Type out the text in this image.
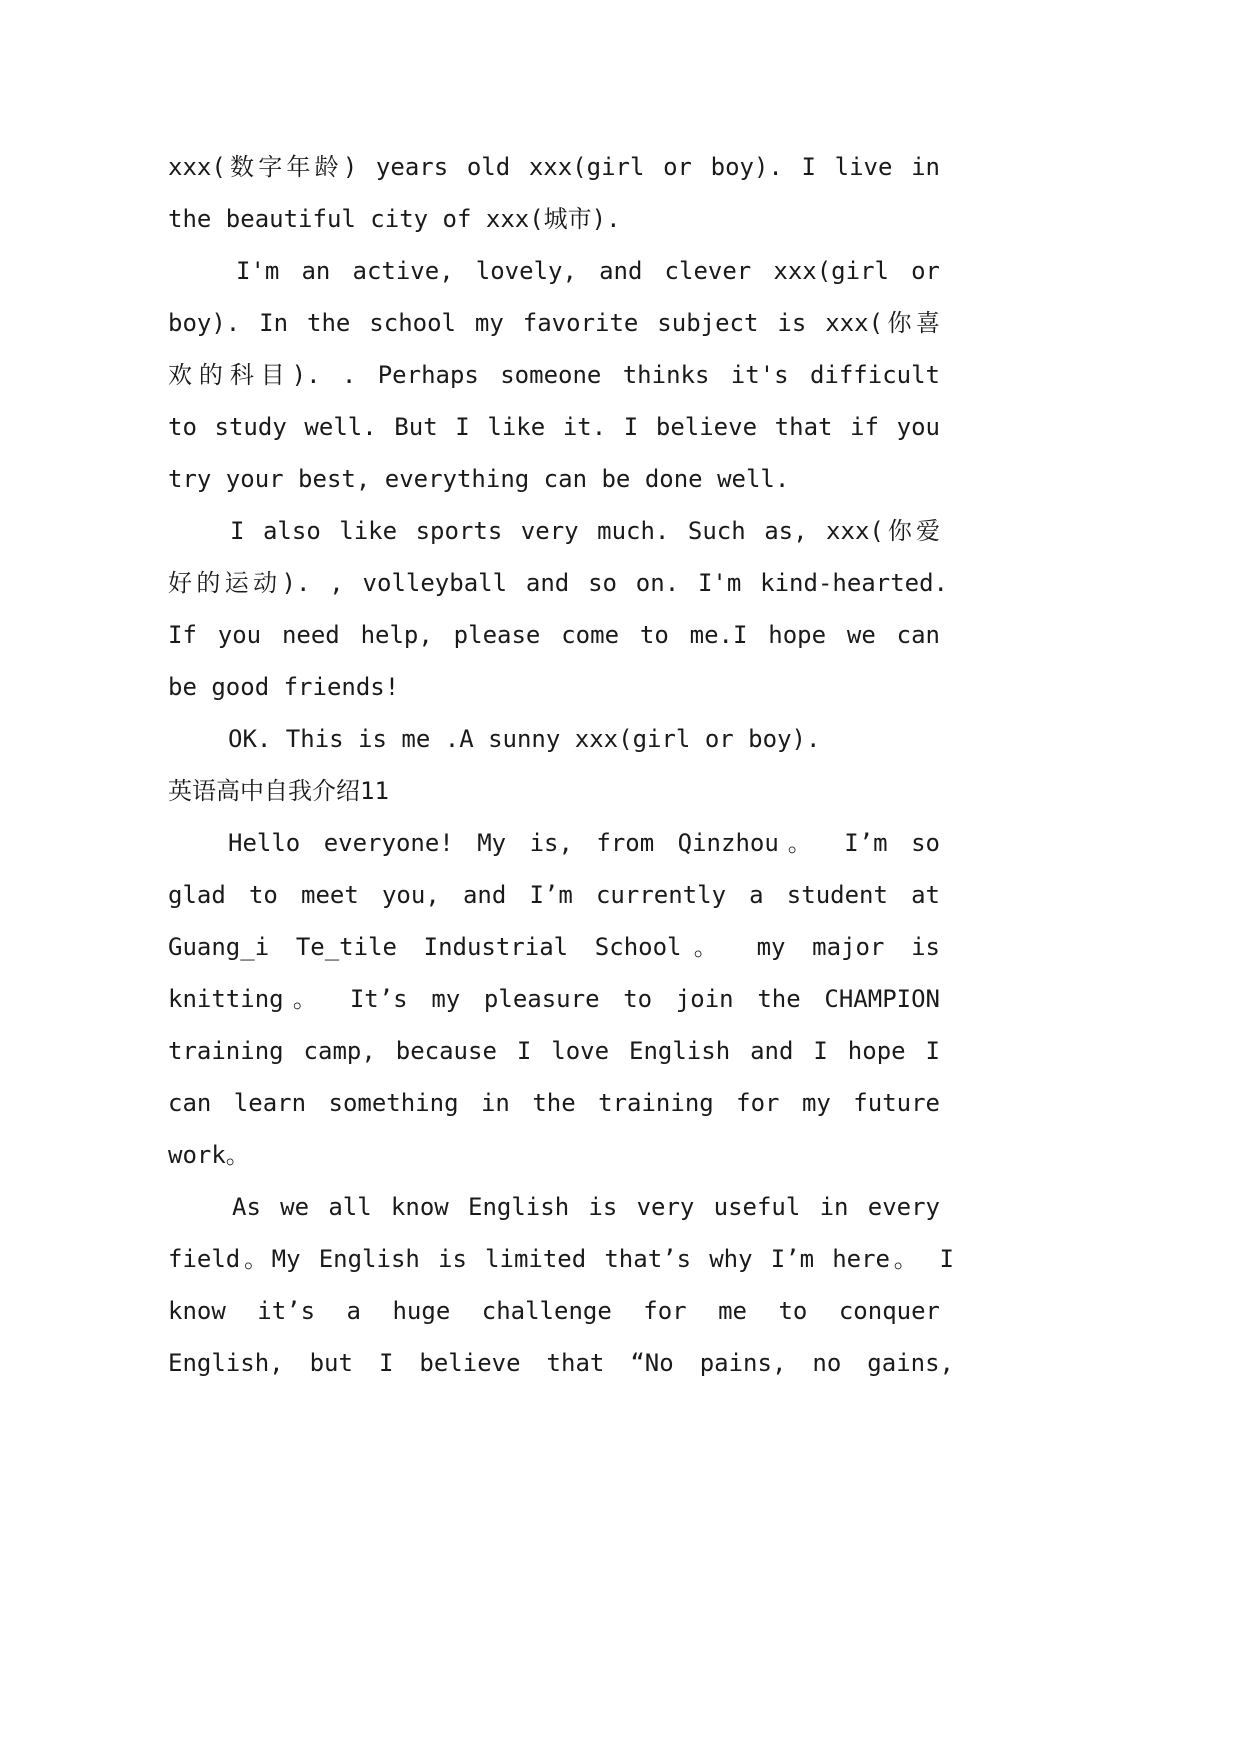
xxx(数字年龄) years old xxx(girl or boy). I live in
the beautiful city of xxx(城市).
I'm an active, lovely, and clever xxx(girl or
boy). In the school my favorite subject is xxx(你喜
欢的科目). . Perhaps someone thinks it's difficult
to study well. But I like it. I believe that if you
try your best, everything can be done well.
I also like sports very much. Such as, xxx(你爱
好的运动). , volleyball and so on. I'm kind-hearted.
If you need help, please come to me.I hope we can
be good friends!
OK. This is me .A sunny xxx(girl or boy).
英语高中自我介绍11
Hello everyone! My is, from Qinzhou。 I’m so
glad to meet you, and I’m currently a student at
Guang_i Te_tile Industrial School。 my major is
knitting。 It’s my pleasure to join the CHAMPION
training camp, because I love English and I hope I
can learn something in the training for my future
work。
As we all know English is very useful in every
field。My English is limited that’s why I’m here。 I
know it’s a huge challenge for me to conquer
English, but I believe that “No pains, no gains,
